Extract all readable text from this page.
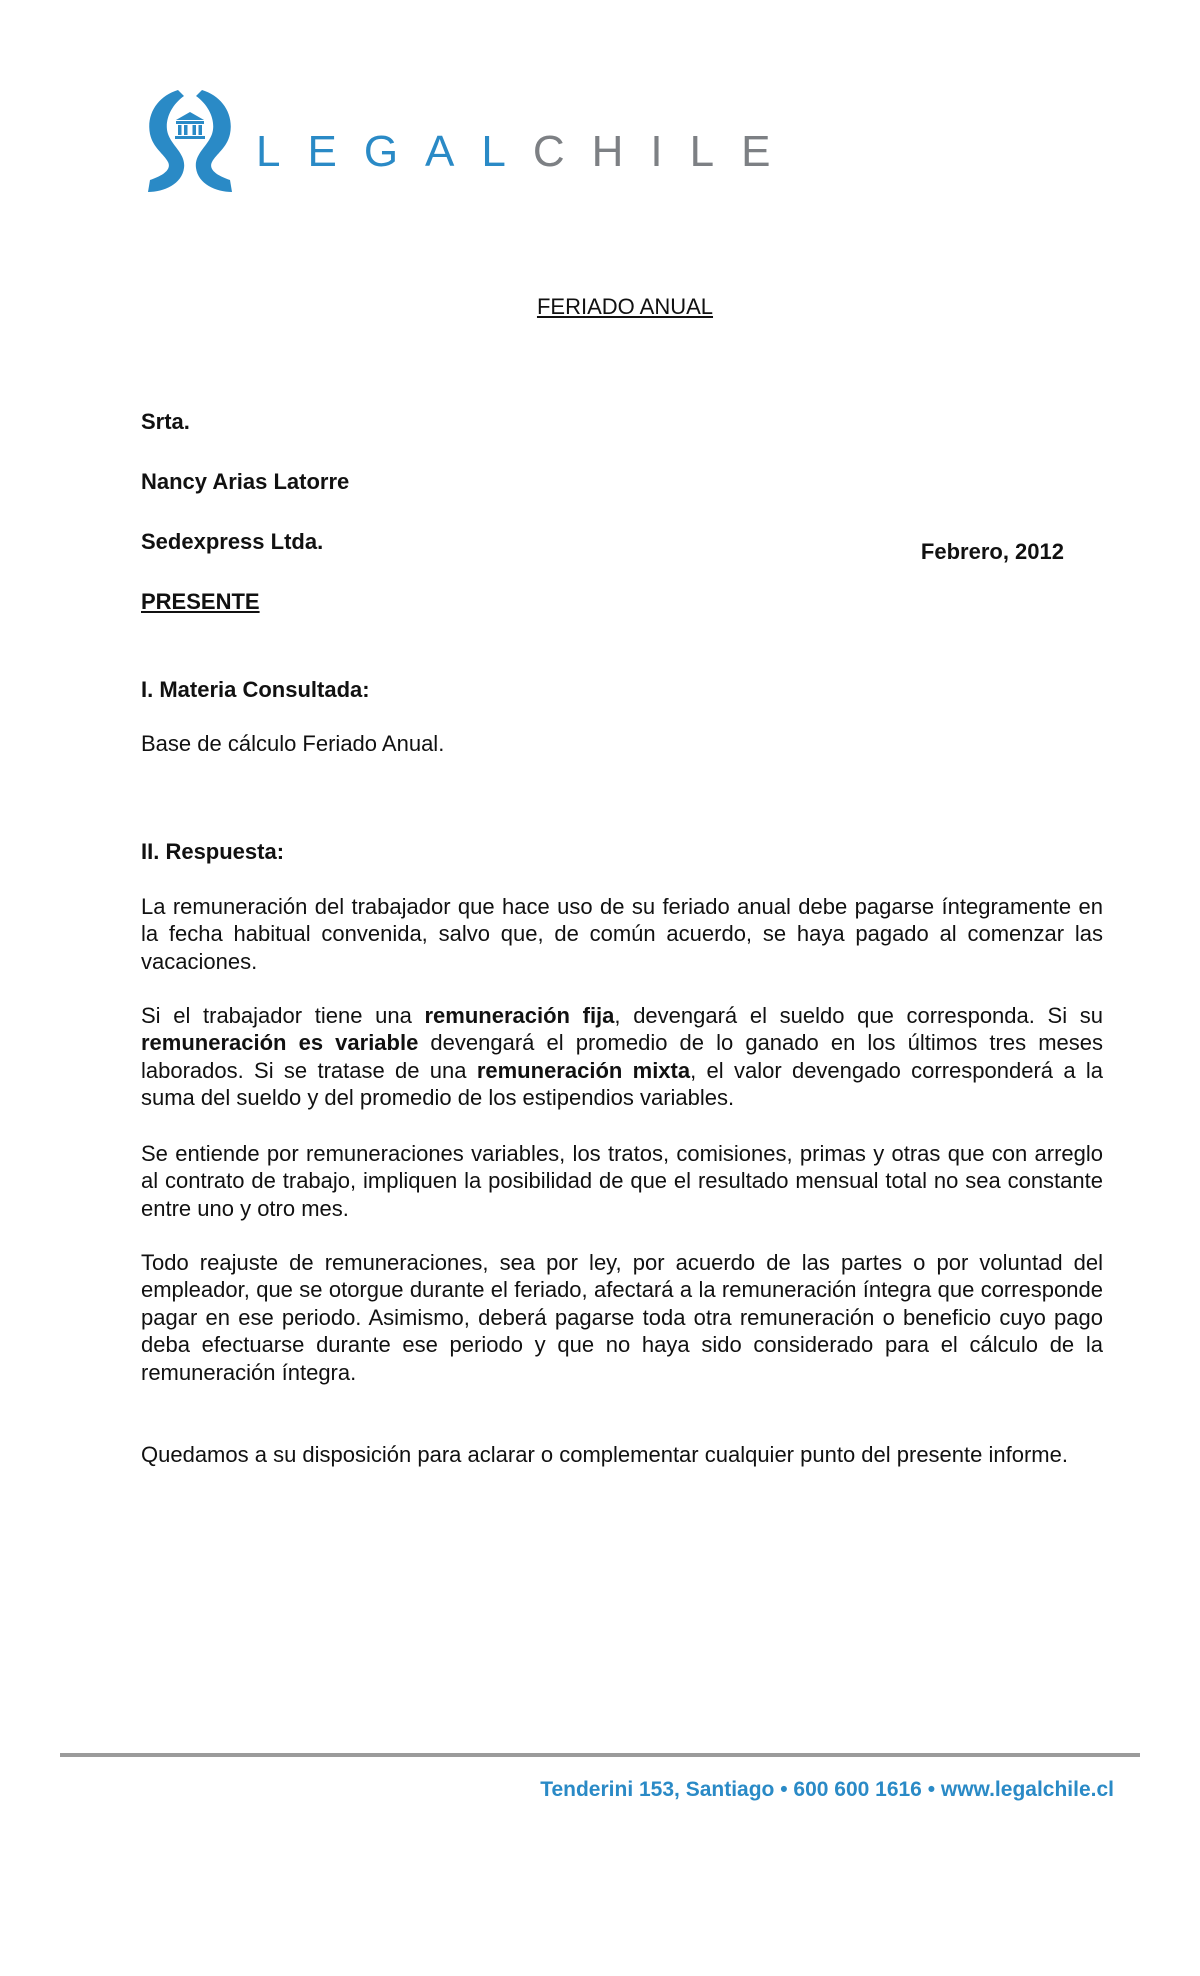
LEGALCHILE
FERIADO ANUAL

Srta.

Nancy Arias Latorre

Sedexpress Ltda.	Febrero, 2012

PRESENTE

I. Materia Consultada:

Base de cálculo Feriado Anual.

II. Respuesta:

La remuneración del trabajador que hace uso de su feriado anual debe pagarse íntegramente en la fecha habitual convenida, salvo que, de común acuerdo, se haya pagado al comenzar las vacaciones.

Si el trabajador tiene una remuneración fija, devengará el sueldo que corresponda. Si su remuneración es variable devengará el promedio de lo ganado en los últimos tres meses laborados. Si se tratase de una remuneración mixta, el valor devengado corresponderá a la suma del sueldo y del promedio de los estipendios variables.

Se entiende por remuneraciones variables, los tratos, comisiones, primas y otras que con arreglo al contrato de trabajo, impliquen la posibilidad de que el resultado mensual total no sea constante entre uno y otro mes.

Todo reajuste de remuneraciones, sea por ley, por acuerdo de las partes o por voluntad del empleador, que se otorgue durante el feriado, afectará a la remuneración íntegra que corresponde pagar en ese periodo. Asimismo, deberá pagarse toda otra remuneración o beneficio cuyo pago deba efectuarse durante ese periodo y que no haya sido considerado para el cálculo de la remuneración íntegra.

Quedamos a su disposición para aclarar o complementar cualquier punto del presente informe.

Tenderini 153, Santiago • 600 600 1616 • www.legalchile.cl
